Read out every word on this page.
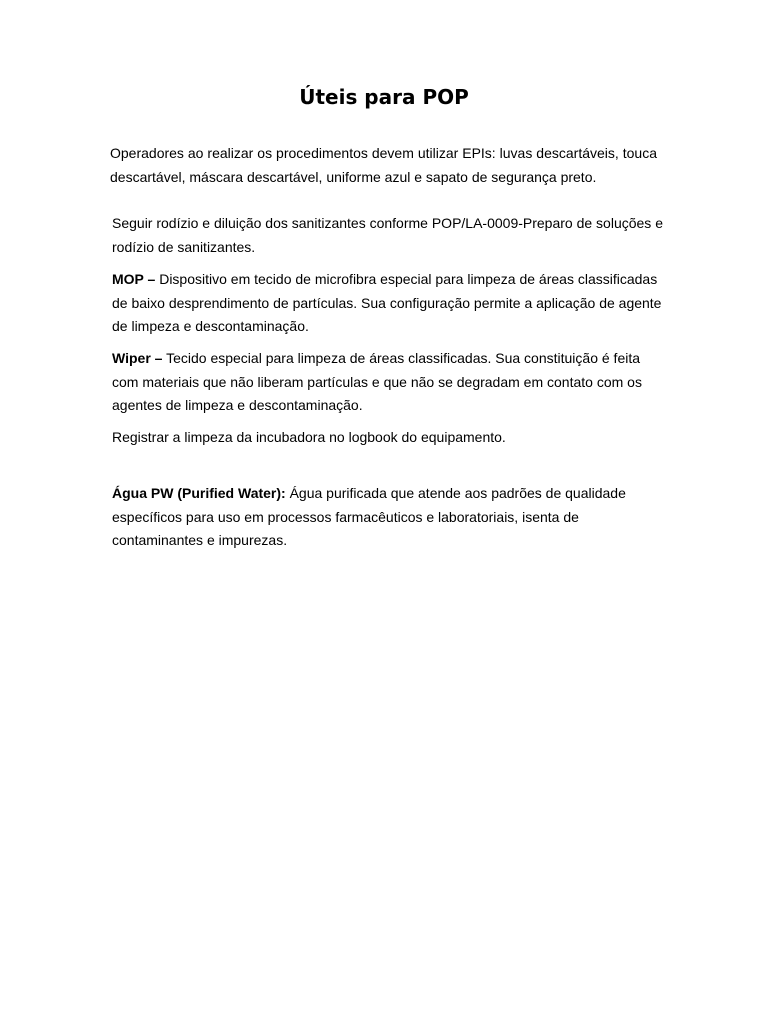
Úteis para POP

Operadores ao realizar os procedimentos devem utilizar EPIs: luvas descartáveis, touca descartável, máscara descartável, uniforme azul e sapato de segurança preto.

Seguir rodízio e diluição dos sanitizantes conforme POP/LA-0009-Preparo de soluções e rodízio de sanitizantes.

MOP – Dispositivo em tecido de microfibra especial para limpeza de áreas classificadas de baixo desprendimento de partículas. Sua configuração permite a aplicação de agente de limpeza e descontaminação.

Wiper – Tecido especial para limpeza de áreas classificadas. Sua constituição é feita com materiais que não liberam partículas e que não se degradam em contato com os agentes de limpeza e descontaminação.

Registrar a limpeza da incubadora no logbook do equipamento.

Água PW (Purified Water): Água purificada que atende aos padrões de qualidade específicos para uso em processos farmacêuticos e laboratoriais, isenta de contaminantes e impurezas.
